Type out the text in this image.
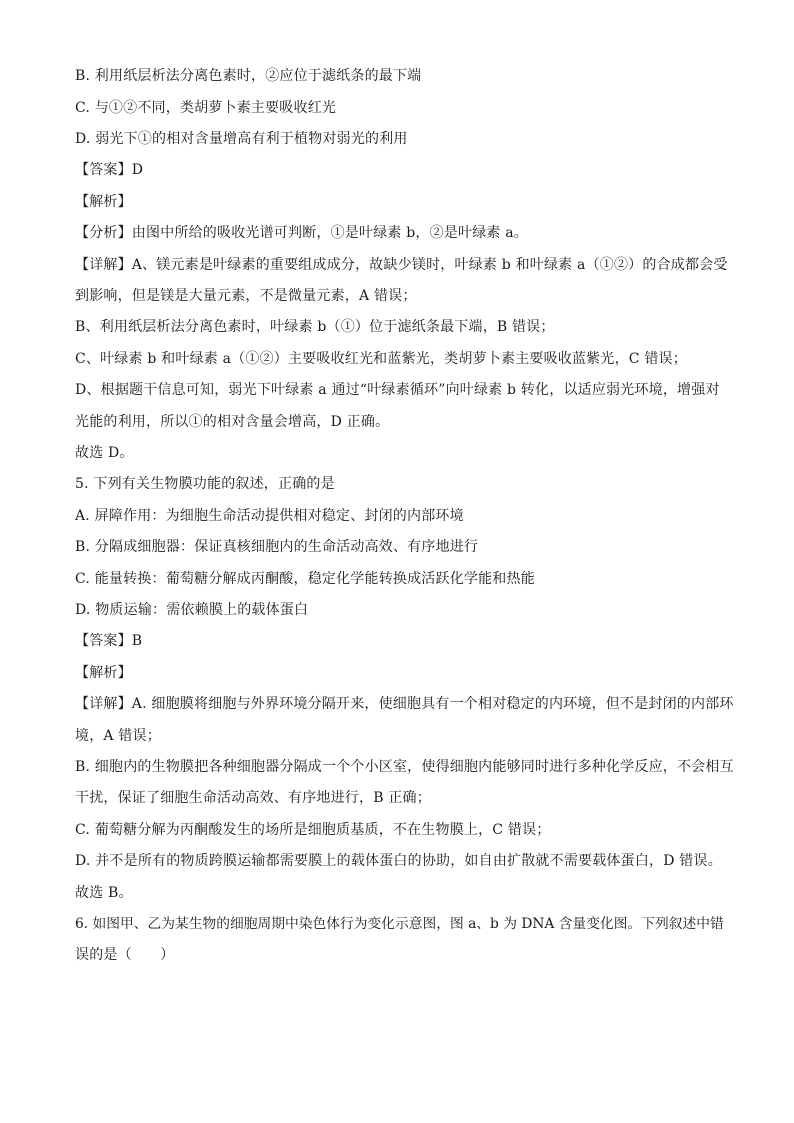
B. 利用纸层析法分离色素时，②应位于滤纸条的最下端
C. 与①②不同，类胡萝卜素主要吸收红光
D. 弱光下①的相对含量增高有利于植物对弱光的利用
【答案】D
【解析】
【分析】由图中所给的吸收光谱可判断，①是叶绿素 b，②是叶绿素 a。
【详解】A、镁元素是叶绿素的重要组成成分，故缺少镁时，叶绿素 b 和叶绿素 a（①②）的合成都会受
到影响，但是镁是大量元素，不是微量元素，A 错误；
B、利用纸层析法分离色素时，叶绿素 b（①）位于滤纸条最下端，B 错误；
C、叶绿素 b 和叶绿素 a（①②）主要吸收红光和蓝紫光，类胡萝卜素主要吸收蓝紫光，C 错误；
D、根据题干信息可知，弱光下叶绿素 a 通过“叶绿素循环”向叶绿素 b 转化，以适应弱光环境，增强对
光能的利用，所以①的相对含量会增高，D 正确。
故选 D。
5. 下列有关生物膜功能的叙述，正确的是
A. 屏障作用：为细胞生命活动提供相对稳定、封闭的内部环境
B. 分隔成细胞器：保证真核细胞内的生命活动高效、有序地进行
C. 能量转换：葡萄糖分解成丙酮酸，稳定化学能转换成活跃化学能和热能
D. 物质运输：需依赖膜上的载体蛋白
【答案】B
【解析】
【详解】A. 细胞膜将细胞与外界环境分隔开来，使细胞具有一个相对稳定的内环境，但不是封闭的内部环
境，A 错误；
B. 细胞内的生物膜把各种细胞器分隔成一个个小区室，使得细胞内能够同时进行多种化学反应，不会相互
干扰，保证了细胞生命活动高效、有序地进行，B 正确；
C. 葡萄糖分解为丙酮酸发生的场所是细胞质基质，不在生物膜上，C 错误；
D. 并不是所有的物质跨膜运输都需要膜上的载体蛋白的协助，如自由扩散就不需要载体蛋白，D 错误。
故选 B。
6. 如图甲、乙为某生物的细胞周期中染色体行为变化示意图，图 a、b 为 DNA 含量变化图。下列叙述中错
误的是（　　）
